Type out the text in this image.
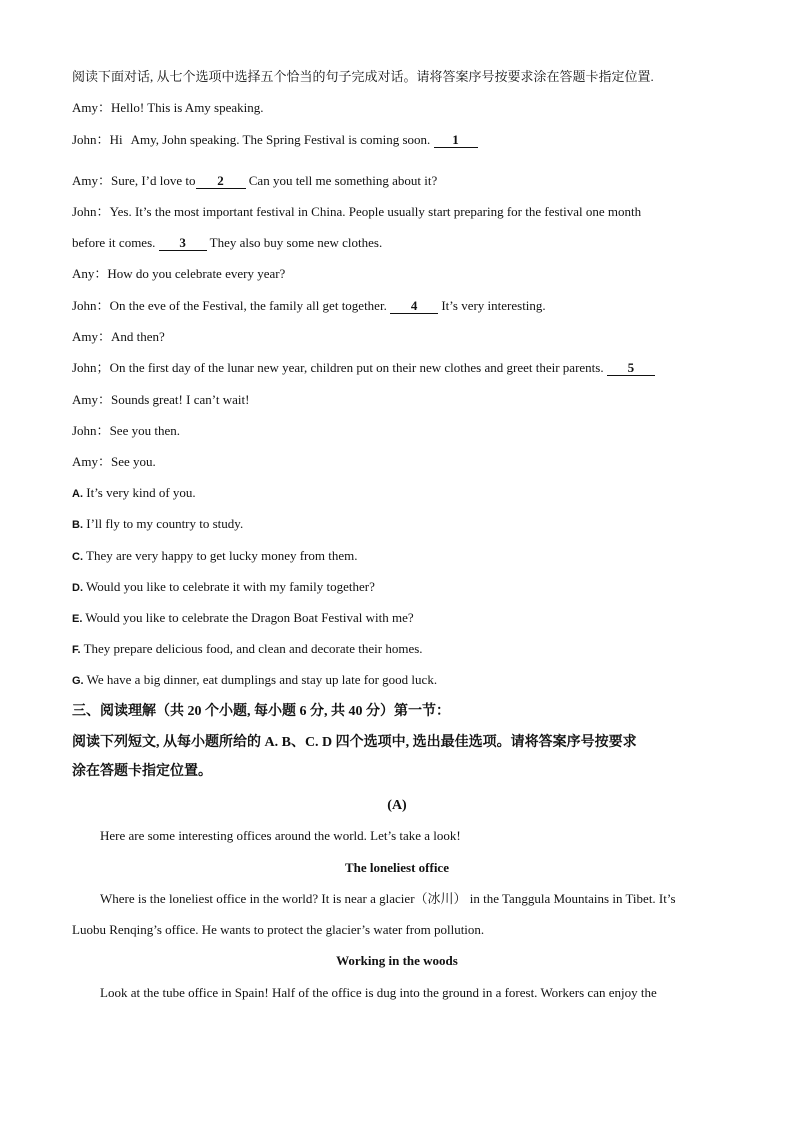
阅读下面对话, 从七个选项中选择五个恰当的句子完成对话。请将答案序号按要求涂在答题卡指定位置.
Amy：Hello! This is Amy speaking.
John：Hi Amy, John speaking. The Spring Festival is coming soon. 1
Amy：Sure, I’d love to 2 Can you tell me something about it?
John：Yes. It’s the most important festival in China. People usually start preparing for the festival one month
before it comes. 3 They also buy some new clothes.
Any：How do you celebrate every year?
John：On the eve of the Festival, the family all get together. 4 It’s very interesting.
Amy：And then?
John；On the first day of the lunar new year, children put on their new clothes and greet their parents. 5
Amy：Sounds great! I can’t wait!
John：See you then.
Amy：See you.
A. It’s very kind of you.
B. I’ll fly to my country to study.
C. They are very happy to get lucky money from them.
D. Would you like to celebrate it with my family together?
E. Would you like to celebrate the Dragon Boat Festival with me?
F. They prepare delicious food, and clean and decorate their homes.
G. We have a big dinner, eat dumplings and stay up late for good luck.
三、阅读理解（共 20 个小题, 每小题 6 分, 共 40 分）第一节：
阅读下列短文, 从每小题所给的 A. B、C. D 四个选项中, 选出最佳选项。请将答案序号按要求
涂在答题卡指定位置。
(A)
Here are some interesting offices around the world. Let’s take a look!
The loneliest office
Where is the loneliest office in the world? It is near a glacier（冰川） in the Tanggula Mountains in Tibet. It’s
Luobu Renqing’s office. He wants to protect the glacier’s water from pollution.
Working in the woods
Look at the tube office in Spain! Half of the office is dug into the ground in a forest. Workers can enjoy the
